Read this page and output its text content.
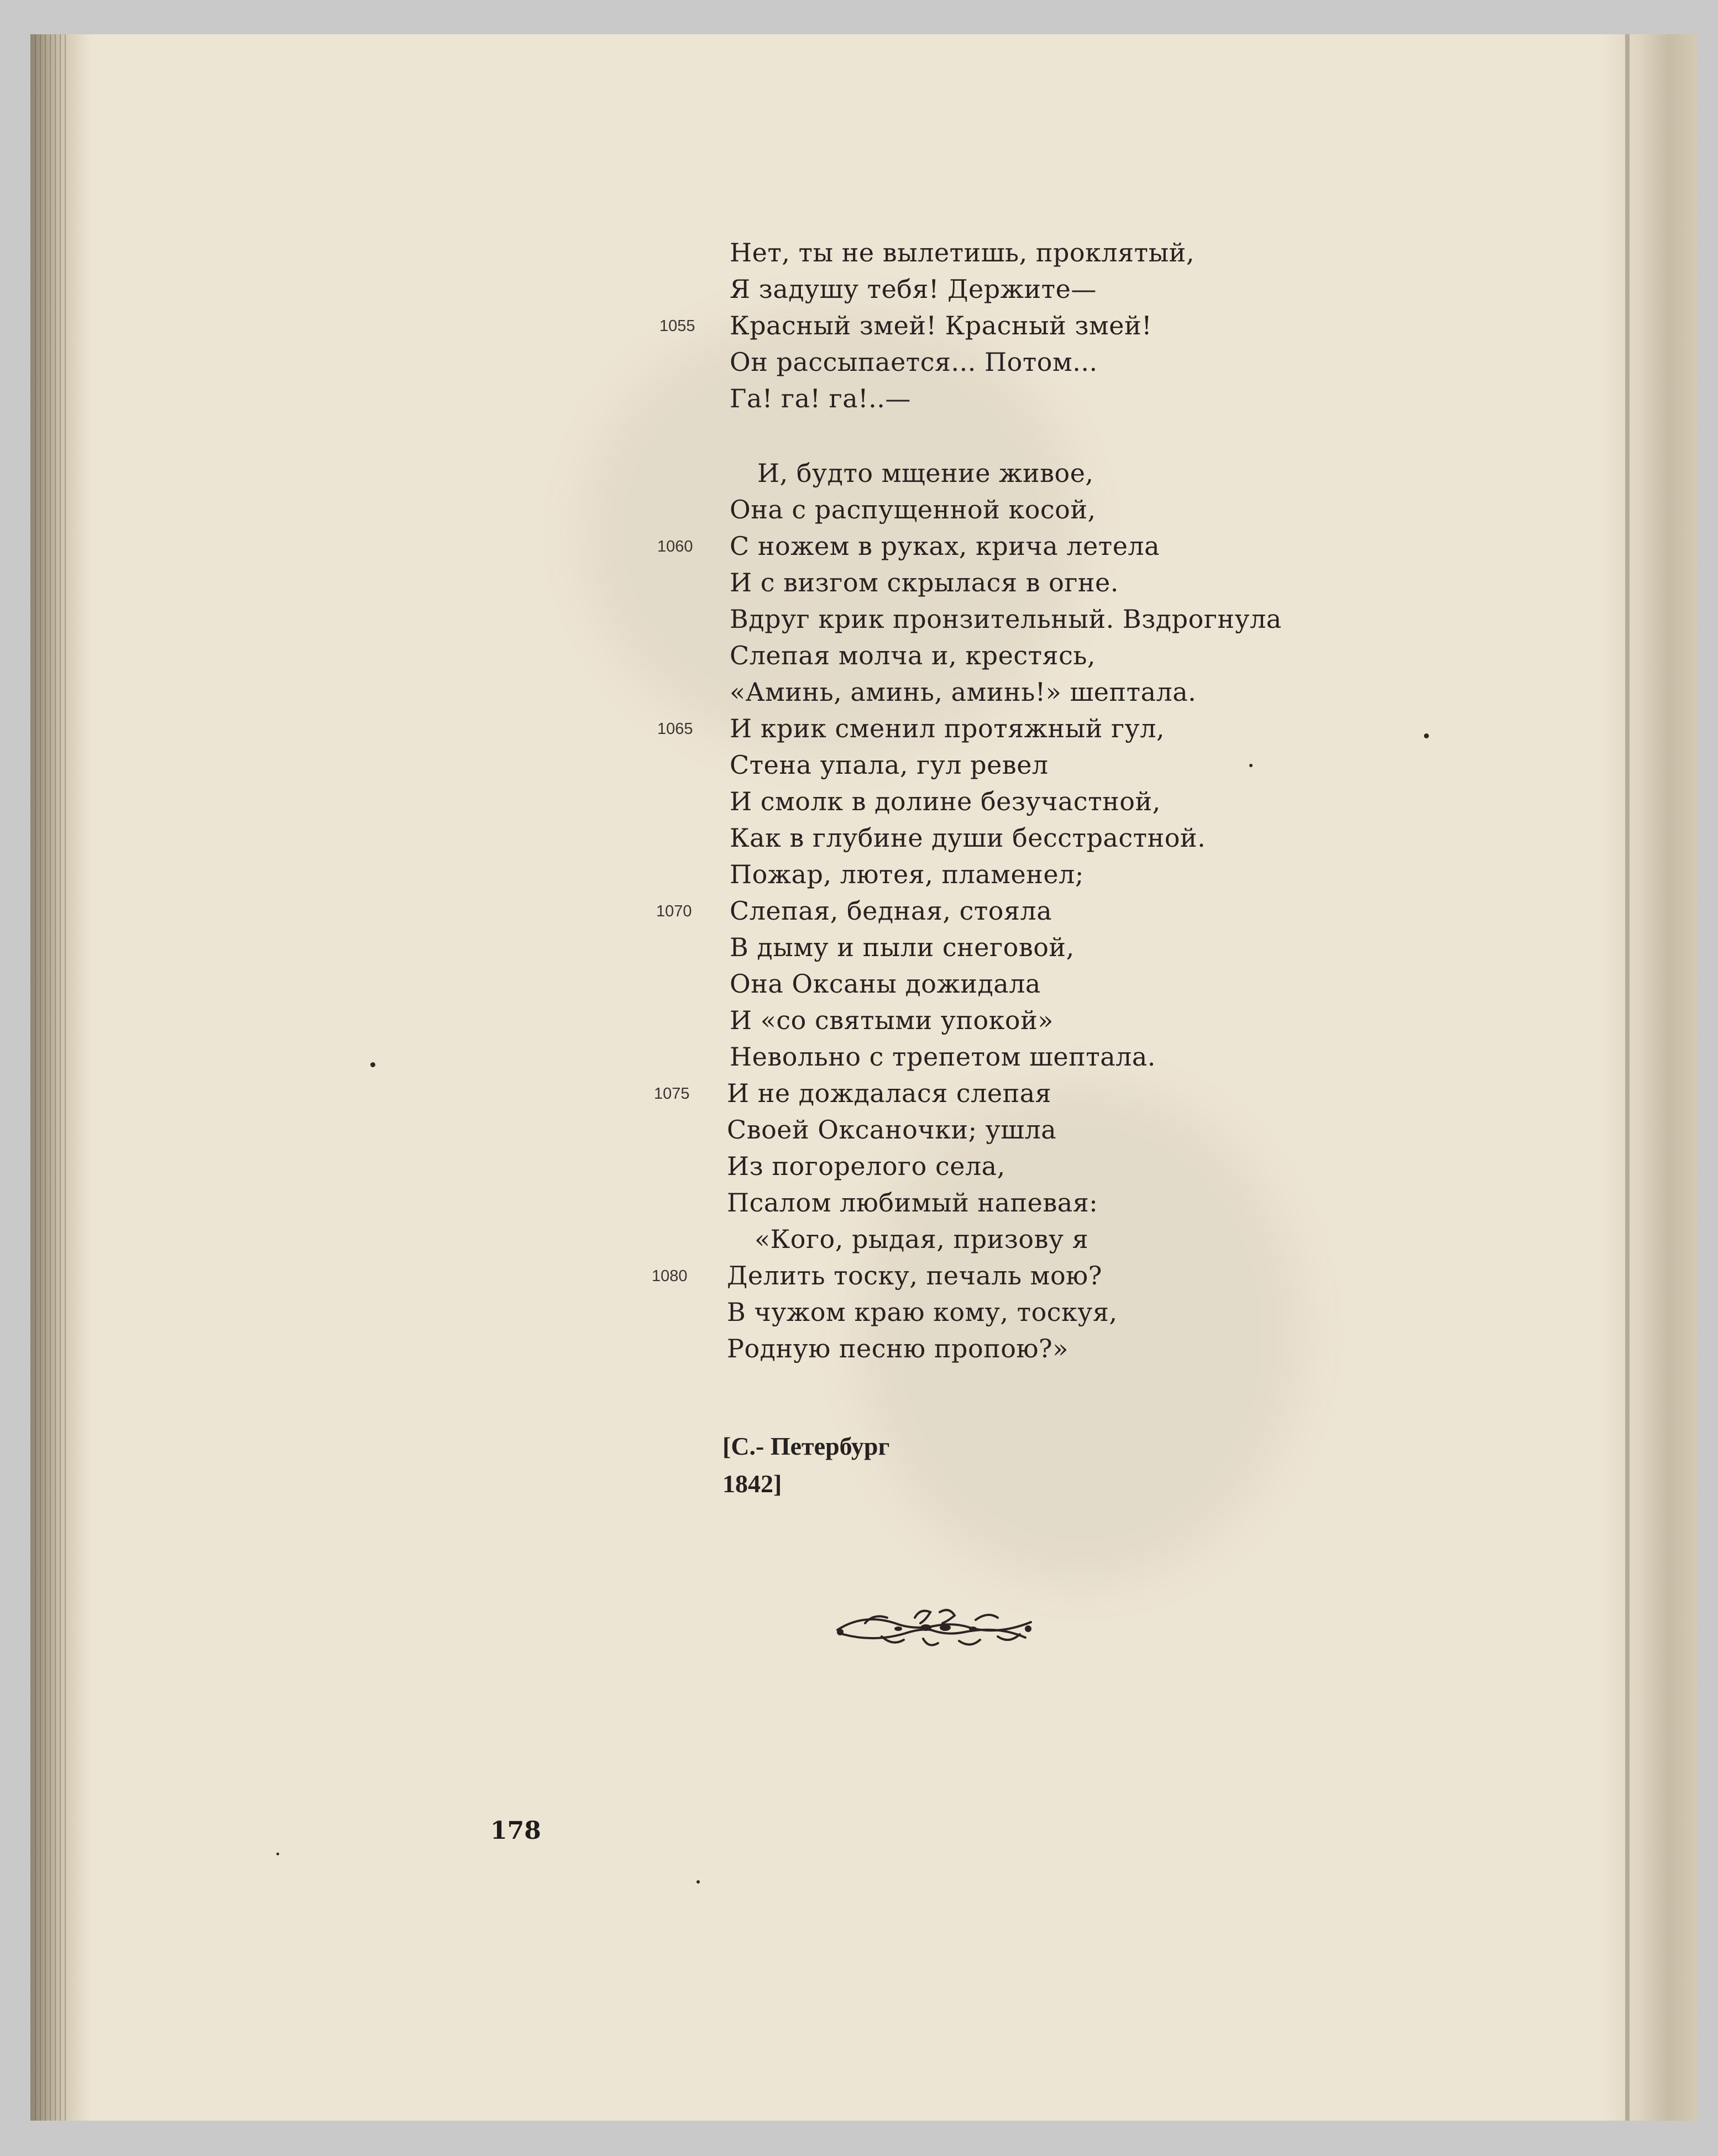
Нет, ты не вылетишь, проклятый,
Я задушу тебя! Держите—
Красный змей! Красный змей!
Он рассыпается... Потом...
Га! га! га!..—
И, будто мщение живое,
Она с распущенной косой,
С ножем в руках, крича летела
И с визгом скрылася в огне.
Вдруг крик пронзительный. Вздрогнула
Слепая молча и, крестясь,
«Аминь, аминь, аминь!» шептала.
И крик сменил протяжный гул,
Стена упала, гул ревел
И смолк в долине безучастной,
Как в глубине души бесстрастной.
Пожар, лютея, пламенел;
Слепая, бедная, стояла
В дыму и пыли снеговой,
Она Оксаны дожидала
И «со святыми упокой»
Невольно с трепетом шептала.
И не дождалася слепая
Своей Оксаночки; ушла
Из погорелого села,
Псалом любимый напевая:
«Кого, рыдая, призову я
Делить тоску, печаль мою?
В чужом краю кому, тоскуя,
Родную песню пропою?»
1055
1060
1065
1070
1075
1080
[С.- Петербург
1842]
178
